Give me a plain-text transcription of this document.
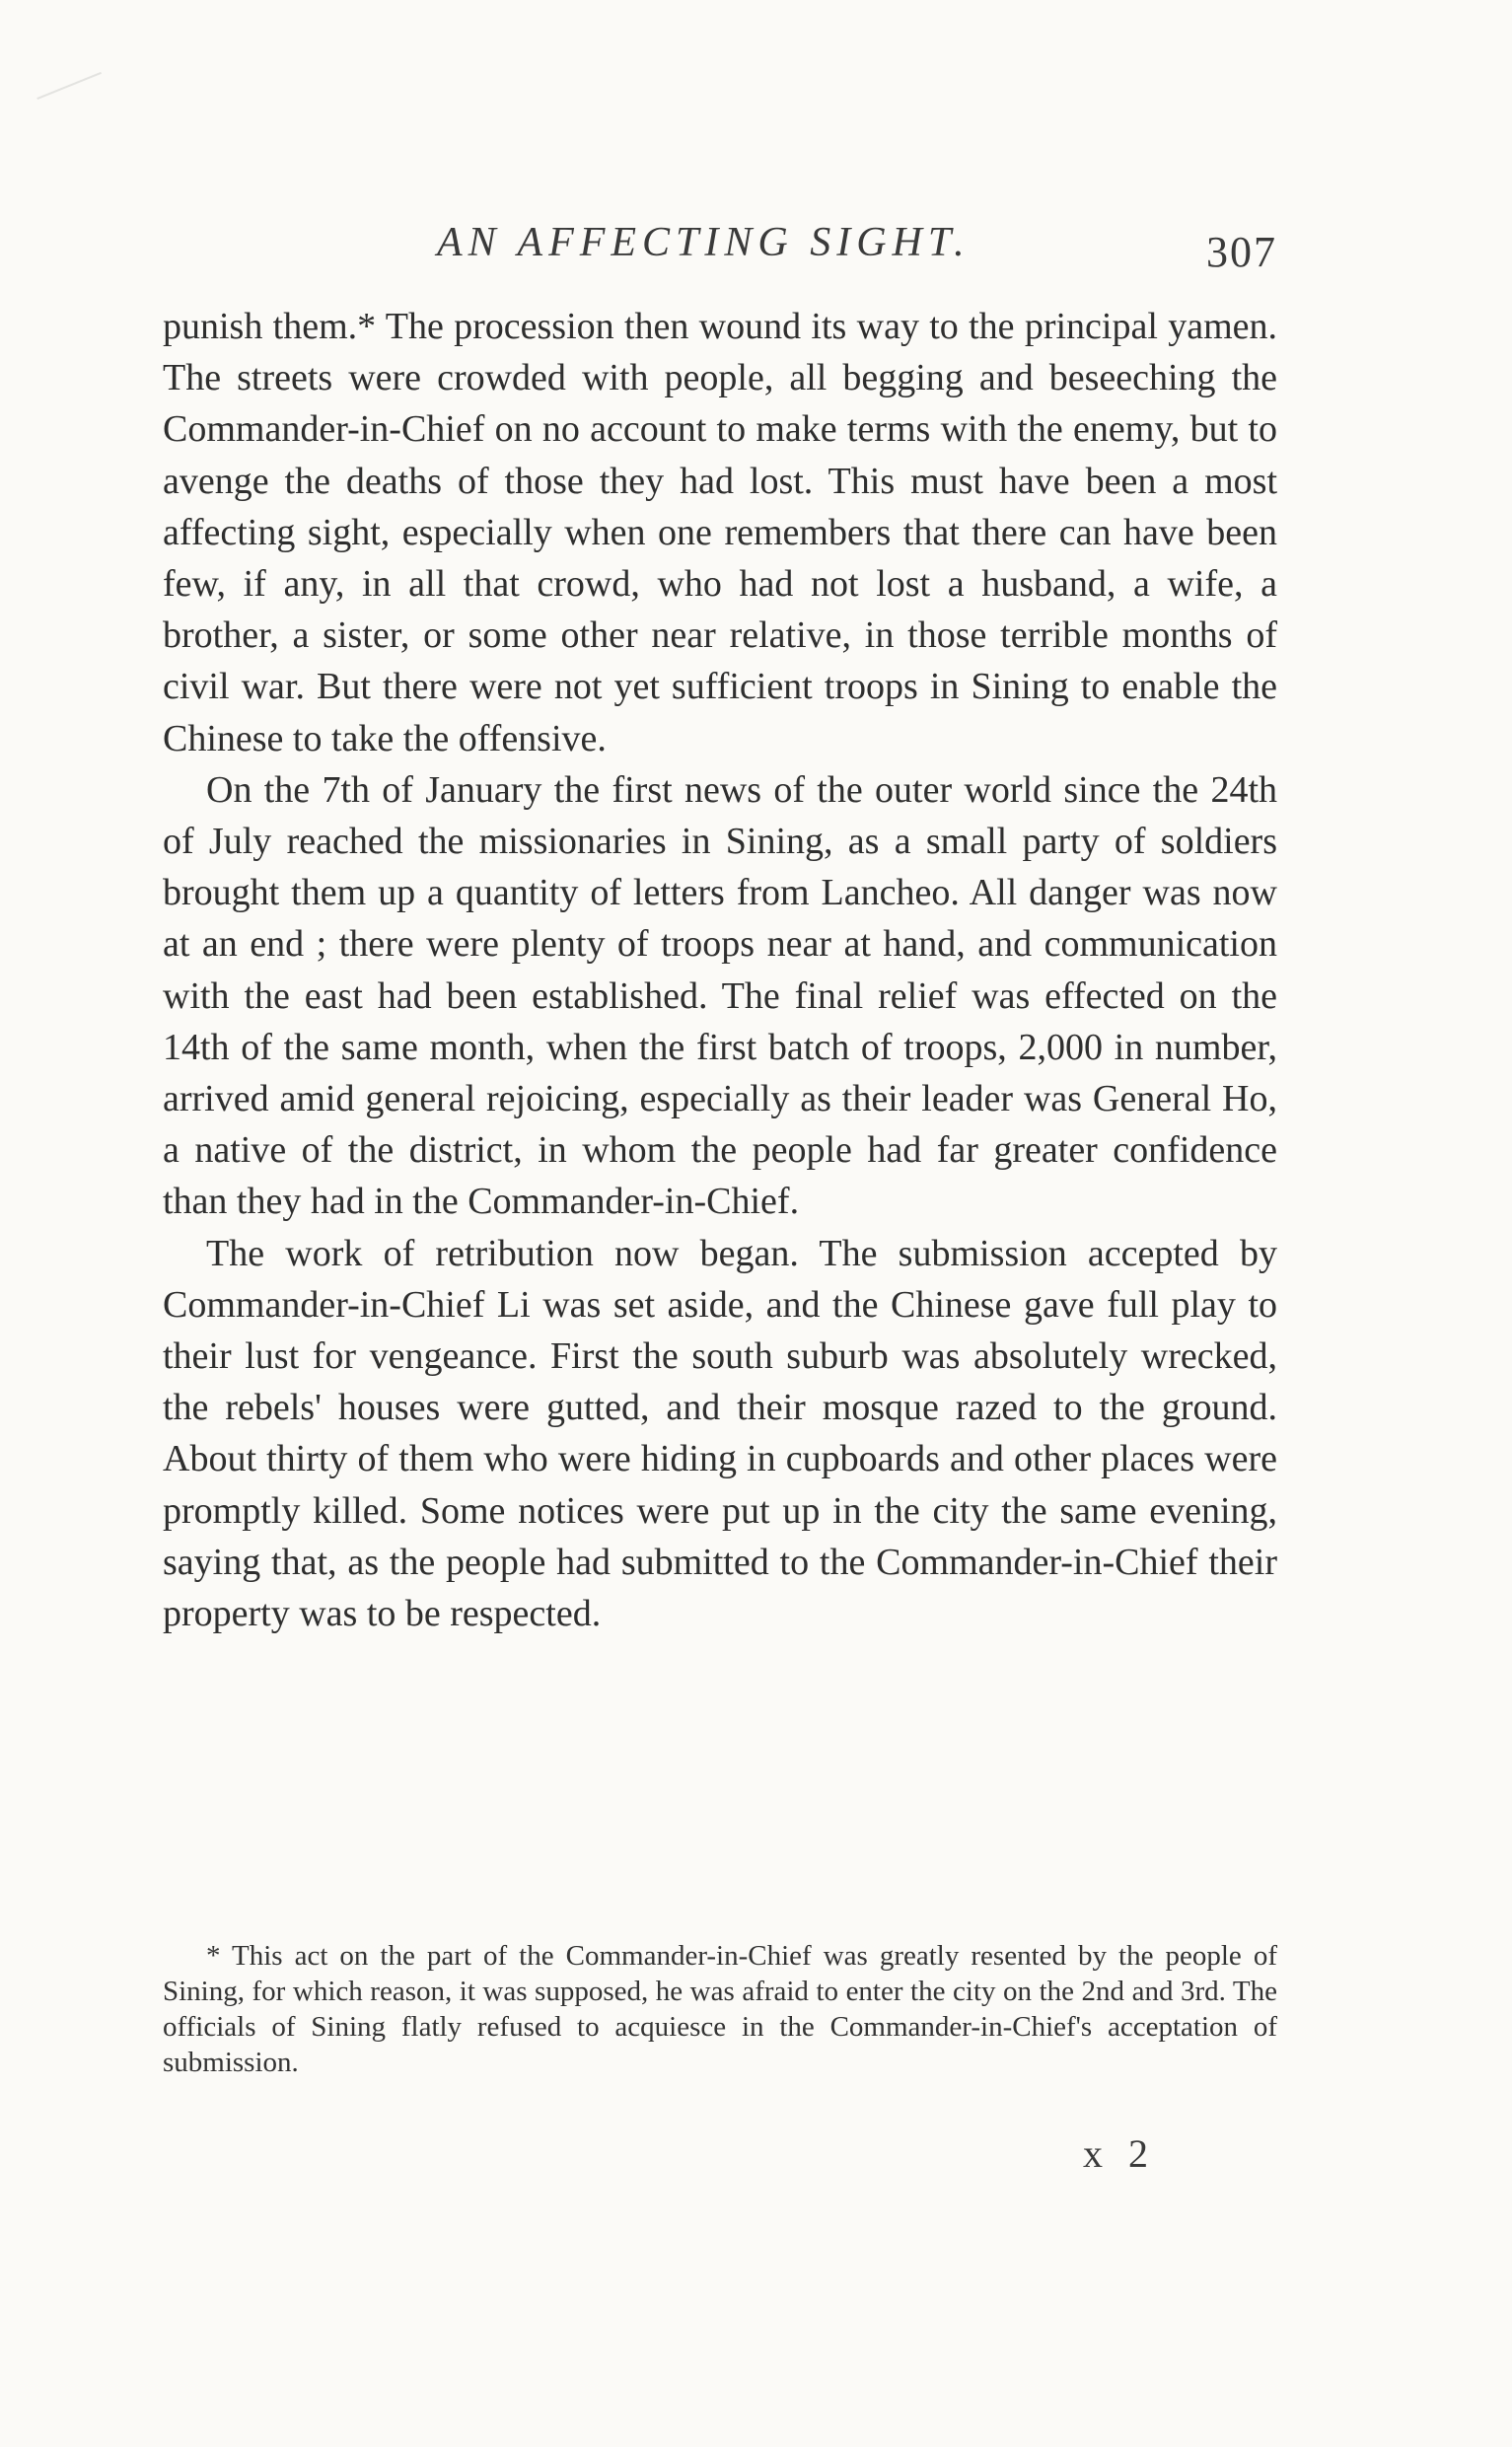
AN AFFECTING SIGHT.	307

punish them.* The procession then wound its way to the principal yamen. The streets were crowded with people, all begging and beseeching the Commander-in-Chief on no account to make terms with the enemy, but to avenge the deaths of those they had lost. This must have been a most affecting sight, especially when one remembers that there can have been few, if any, in all that crowd, who had not lost a husband, a wife, a brother, a sister, or some other near relative, in those terrible months of civil war. But there were not yet sufficient troops in Sining to enable the Chinese to take the offensive.

On the 7th of January the first news of the outer world since the 24th of July reached the missionaries in Sining, as a small party of soldiers brought them up a quantity of letters from Lancheo. All danger was now at an end ; there were plenty of troops near at hand, and communication with the east had been established. The final relief was effected on the 14th of the same month, when the first batch of troops, 2,000 in number, arrived amid general rejoicing, especially as their leader was General Ho, a native of the district, in whom the people had far greater confidence than they had in the Commander-in-Chief.

The work of retribution now began. The submission accepted by Commander-in-Chief Li was set aside, and the Chinese gave full play to their lust for vengeance. First the south suburb was absolutely wrecked, the rebels' houses were gutted, and their mosque razed to the ground. About thirty of them who were hiding in cupboards and other places were promptly killed. Some notices were put up in the city the same evening, saying that, as the people had submitted to the Commander-in-Chief their property was to be respected.

* This act on the part of the Commander-in-Chief was greatly resented by the people of Sining, for which reason, it was supposed, he was afraid to enter the city on the 2nd and 3rd. The officials of Sining flatly refused to acquiesce in the Commander-in-Chief's acceptation of submission.

x 2
